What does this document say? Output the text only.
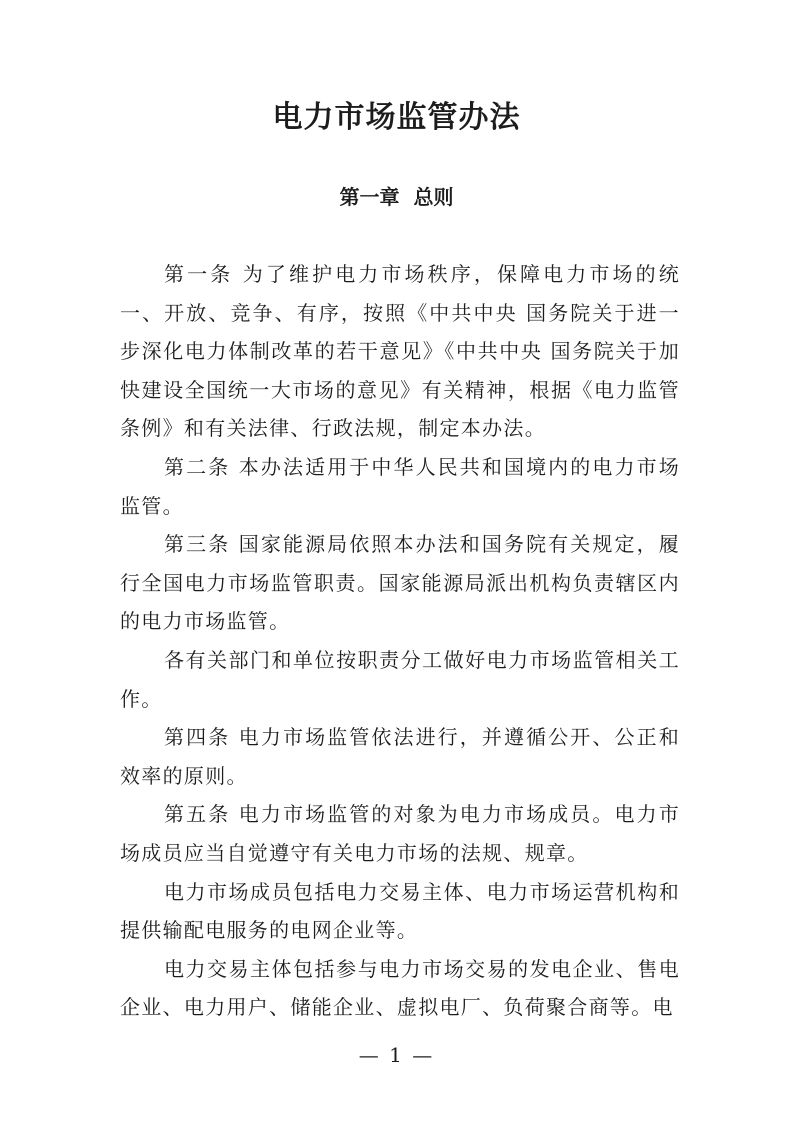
电力市场监管办法
第一章  总则

第一条 为了维护电力市场秩序，保障电力市场的统一、开放、竞争、有序，按照《中共中央 国务院关于进一步深化电力体制改革的若干意见》《中共中央 国务院关于加快建设全国统一大市场的意见》有关精神，根据《电力监管条例》和有关法律、行政法规，制定本办法。

第二条 本办法适用于中华人民共和国境内的电力市场监管。

第三条 国家能源局依照本办法和国务院有关规定，履行全国电力市场监管职责。国家能源局派出机构负责辖区内的电力市场监管。

各有关部门和单位按职责分工做好电力市场监管相关工作。

第四条 电力市场监管依法进行，并遵循公开、公正和效率的原则。

第五条 电力市场监管的对象为电力市场成员。电力市场成员应当自觉遵守有关电力市场的法规、规章。

电力市场成员包括电力交易主体、电力市场运营机构和提供输配电服务的电网企业等。

电力交易主体包括参与电力市场交易的发电企业、售电企业、电力用户、储能企业、虚拟电厂、负荷聚合商等。电

— 1 —
